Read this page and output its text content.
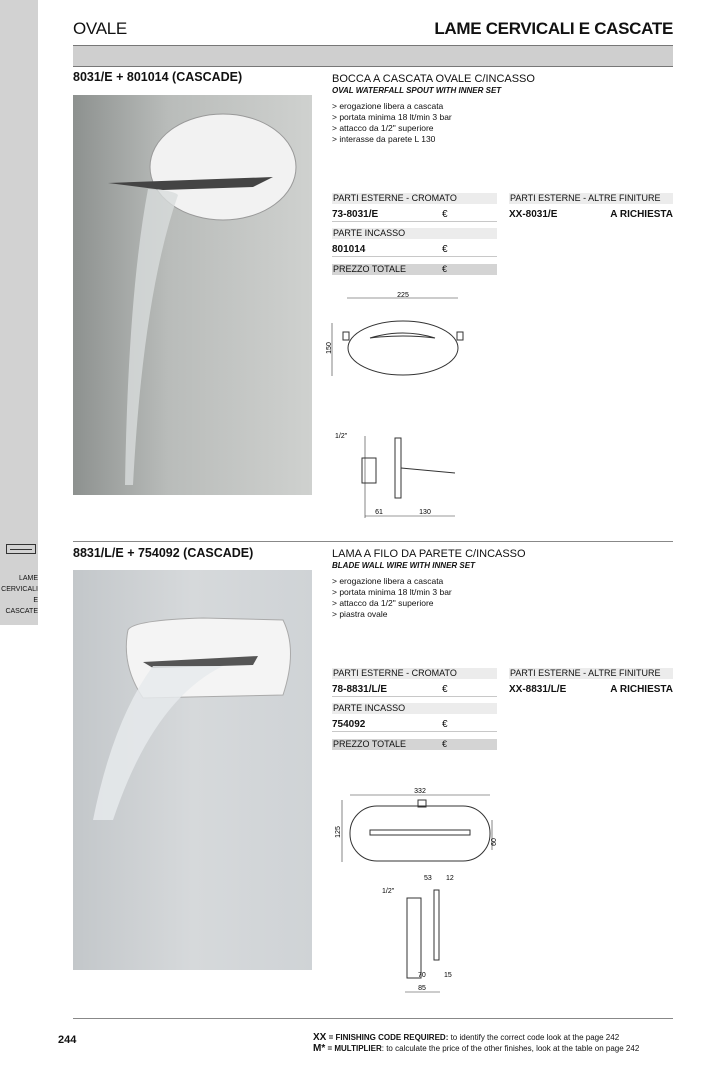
LAME
CERVICALI
E CASCATE
OVALE	LAME CERVICALI E CASCATE
8031/E + 801014 (CASCADE)	BOCCA A CASCATA OVALE C/INCASSO
OVAL WATERFALL SPOUT WITH INNER SET
> erogazione libera a cascata
> portata minima 18 lt/min 3 bar
> attacco da 1/2" superiore
> interasse da parete L 130
PARTI ESTERNE - CROMATO
73-8031/E	€
PARTE INCASSO
801014	€
PREZZO TOTALE	€
PARTI ESTERNE - ALTRE FINITURE
XX-8031/E	A RICHIESTA
225
150
1/2"
61	130
8831/L/E + 754092 (CASCADE)	LAMA A FILO DA PARETE C/INCASSO
BLADE WALL WIRE WITH INNER SET
> erogazione libera a cascata
> portata minima 18 lt/min 3 bar
> attacco da 1/2" superiore
> piastra ovale
PARTI ESTERNE - CROMATO
78-8831/L/E	€
PARTE INCASSO
754092	€
PREZZO TOTALE	€
PARTI ESTERNE - ALTRE FINITURE
XX-8831/L/E	A RICHIESTA
332
125
60
1/2"
53 12
70	15
85
244	XX = FINISHING CODE REQUIRED: to identify the correct code look at the page 242
M* = MULTIPLIER: to calculate the price of the other finishes, look at the table on page 242
